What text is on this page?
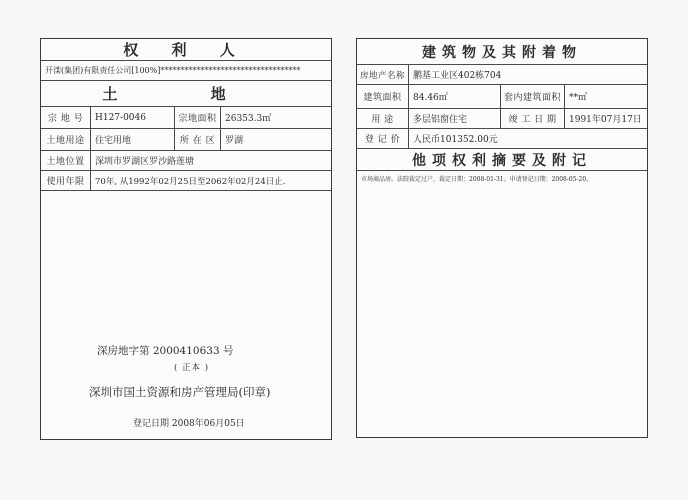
权 利 人
开滦(集团)有限责任公司[100%]***********************************
土 地
宗 地 号	H127-0046	宗地面积 26353.3㎡
土地用途	住宅用地	所 在 区	罗湖
土地位置	深圳市罗湖区罗沙路莲塘
使用年限	70年, 从1992年02月25日至2062年02月24日止.
深房地字第 2000410633 号
( 正本 )
深圳市国土资源和房产管理局(印章)
登记日期 2008年06月05日
建筑物及其附着物
房地产名称 鹏基工业区402栋704
建筑面积	84.46㎡	套内建筑面积 **㎡
用 途	多层铝窗住宅	竣 工 日 期	1991年07月17日
登 记 价	人民币101352.00元
他项权利摘要及附记
市场商品房。法院裁定过户，裁定日期：2008-01-31。申请登记日期：2008-05-20。
